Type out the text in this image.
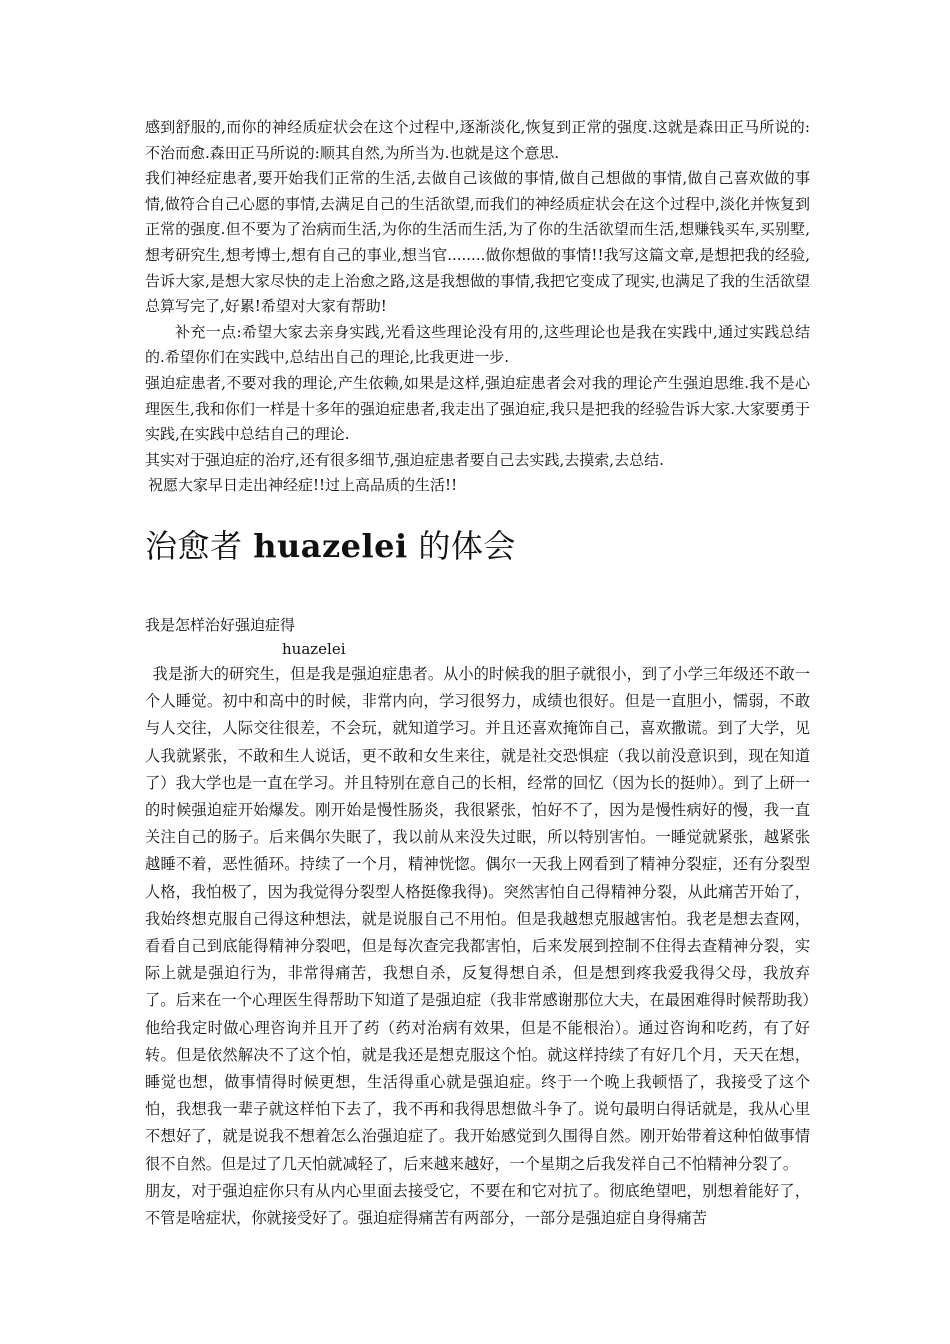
感到舒服的,而你的神经质症状会在这个过程中,逐渐淡化,恢复到正常的强度.这就是森田正马所说的:不治而愈.森田正马所说的:顺其自然,为所当为.也就是这个意思.

我们神经症患者,要开始我们正常的生活,去做自己该做的事情,做自己想做的事情,做自己喜欢做的事情,做符合自己心愿的事情,去满足自己的生活欲望,而我们的神经质症状会在这个过程中,淡化并恢复到正常的强度.但不要为了治病而生活,为你的生活而生活,为了你的生活欲望而生活,想赚钱买车,买别墅,想考研究生,想考博士,想有自己的事业,想当官........做你想做的事情!!我写这篇文章,是想把我的经验,告诉大家,是想大家尽快的走上治愈之路,这是我想做的事情,我把它变成了现实,也满足了我的生活欲望 总算写完了,好累!希望对大家有帮助!

补充一点:希望大家去亲身实践,光看这些理论没有用的,这些理论也是我在实践中,通过实践总结的.希望你们在实践中,总结出自己的理论,比我更进一步.

强迫症患者,不要对我的理论,产生依赖,如果是这样,强迫症患者会对我的理论产生强迫思维.我不是心理医生,我和你们一样是十多年的强迫症患者,我走出了强迫症,我只是把我的经验告诉大家.大家要勇于实践,在实践中总结自己的理论.

其实对于强迫症的治疗,还有很多细节,强迫症患者要自己去实践,去摸索,去总结.

祝愿大家早日走出神经症!!过上高品质的生活!!

治愈者 huazelei 的体会
我是怎样治好强迫症得
huazelei

我是浙大的研究生，但是我是强迫症患者。从小的时候我的胆子就很小，到了小学三年级还不敢一个人睡觉。初中和高中的时候，非常内向，学习很努力，成绩也很好。但是一直胆小，懦弱，不敢与人交往，人际交往很差，不会玩，就知道学习。并且还喜欢掩饰自己，喜欢撒谎。到了大学，见人我就紧张，不敢和生人说话，更不敢和女生来往，就是社交恐惧症（我以前没意识到，现在知道了）我大学也是一直在学习。并且特别在意自己的长相，经常的回忆（因为长的挺帅）。到了上研一的时候强迫症开始爆发。刚开始是慢性肠炎，我很紧张，怕好不了，因为是慢性病好的慢，我一直关注自己的肠子。后来偶尔失眠了，我以前从来没失过眠，所以特别害怕。一睡觉就紧张，越紧张越睡不着，恶性循环。持续了一个月，精神恍惚。偶尔一天我上网看到了精神分裂症，还有分裂型人格，我怕极了，因为我觉得分裂型人格挺像我得)。突然害怕自己得精神分裂，从此痛苦开始了，我始终想克服自己得这种想法，就是说服自己不用怕。但是我越想克服越害怕。我老是想去查网，看看自己到底能得精神分裂吧，但是每次查完我都害怕，后来发展到控制不住得去查精神分裂，实际上就是强迫行为，非常得痛苦，我想自杀，反复得想自杀，但是想到疼我爱我得父母，我放弃了。后来在一个心理医生得帮助下知道了是强迫症（我非常感谢那位大夫，在最困难得时候帮助我）他给我定时做心理咨询并且开了药（药对治病有效果，但是不能根治）。通过咨询和吃药，有了好转。但是依然解决不了这个怕，就是我还是想克服这个怕。就这样持续了有好几个月，天天在想，睡觉也想，做事情得时候更想，生活得重心就是强迫症。终于一个晚上我顿悟了，我接受了这个怕，我想我一辈子就这样怕下去了，我不再和我得思想做斗争了。说句最明白得话就是，我从心里不想好了，就是说我不想着怎么治强迫症了。我开始感觉到久围得自然。刚开始带着这种怕做事情很不自然。但是过了几天怕就减轻了，后来越来越好，一个星期之后我发祥自己不怕精神分裂了。

朋友，对于强迫症你只有从内心里面去接受它，不要在和它对抗了。彻底绝望吧，别想着能好了，不管是啥症状，你就接受好了。强迫症得痛苦有两部分，一部分是强迫症自身得痛苦
